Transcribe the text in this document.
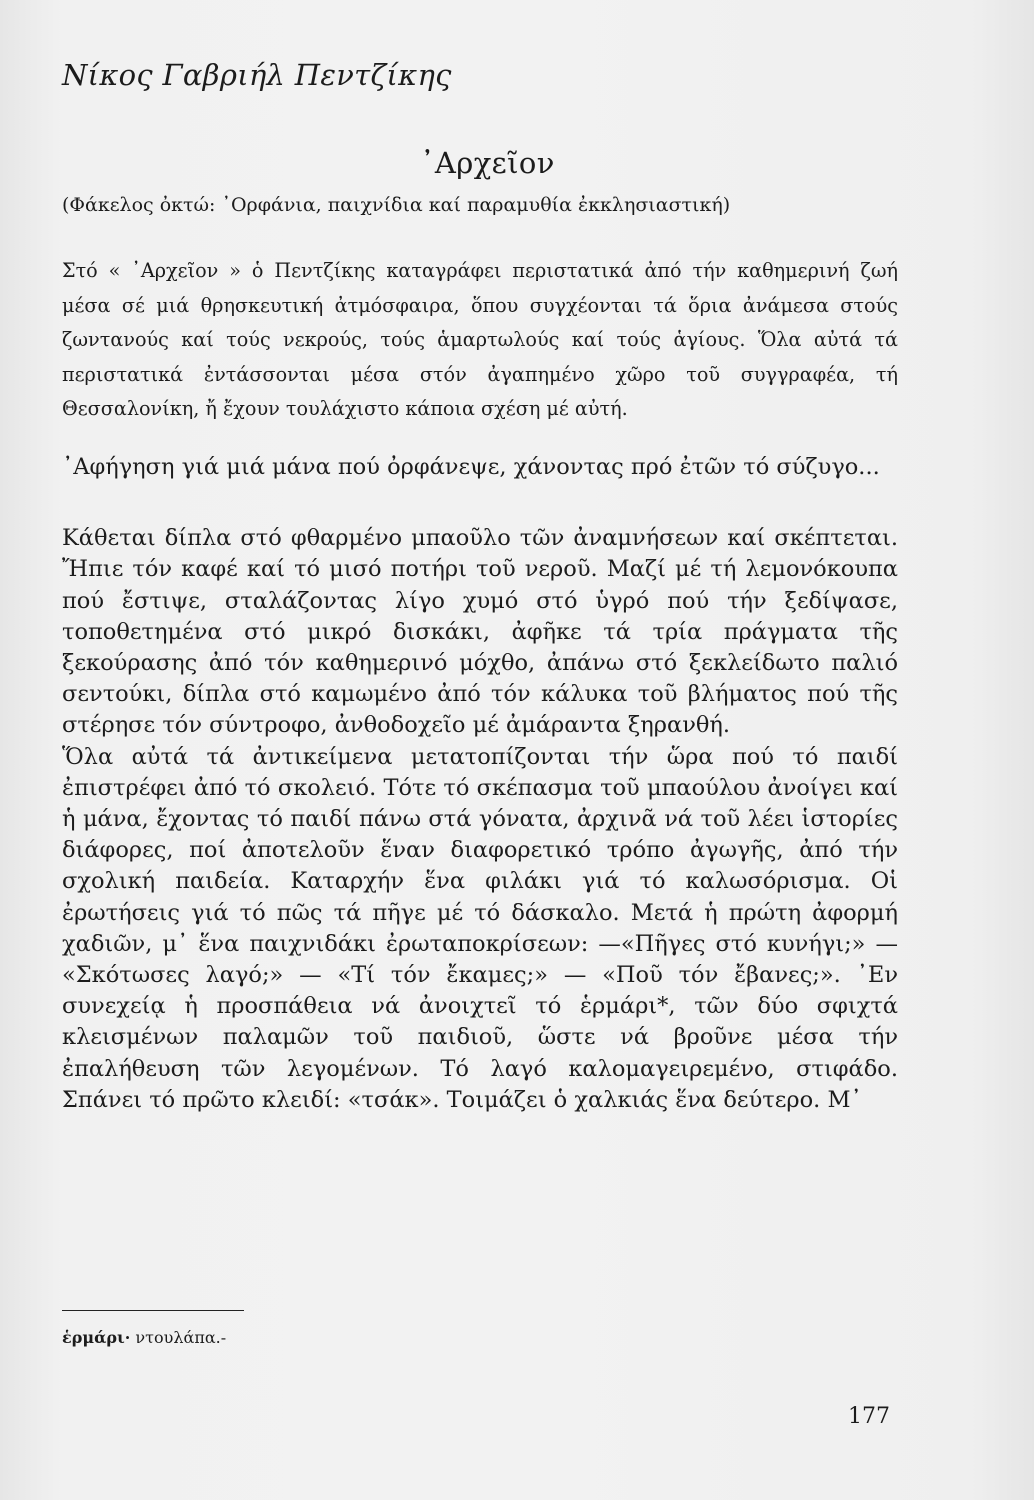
Νίκος Γαβριήλ Πεντζίκης
᾿Αρχεῖον
(Φάκελος ὀκτώ: ᾿Ορφάνια, παιχνίδια καί παραμυθία ἐκκλησιαστική)

Στό « ᾿Αρχεῖον » ὁ Πεντζίκης καταγράφει περιστατικά ἀπό τήν καθημερινή ζωή μέσα σέ μιά θρησκευτική ἀτμόσφαιρα, ὅπου συγχέονται τά ὅρια ἀνάμεσα στούς ζωντανούς καί τούς νεκρούς, τούς ἁμαρτωλούς καί τούς ἁγίους. Ὅλα αὐτά τά περιστατικά ἐντάσσονται μέσα στόν ἀγαπημένο χῶρο τοῦ συγγραφέα, τή Θεσσαλονίκη, ἤ ἔχουν τουλάχιστο κάποια σχέση μέ αὐτή.

᾿Αφήγηση γιά μιά μάνα πού ὀρφάνεψε, χάνοντας πρό ἐτῶν τό σύζυγο...

Κάθεται δίπλα στό φθαρμένο μπαοῦλο τῶν ἀναμνήσεων καί σκέπτεται. Ἤπιε τόν καφέ καί τό μισό ποτήρι τοῦ νεροῦ. Μαζί μέ τή λεμονόκουπα πού ἔστιψε, σταλάζοντας λίγο χυμό στό ὑγρό πού τήν ξεδίψασε, τοποθετημένα στό μικρό δισκάκι, ἀφῆκε τά τρία πράγματα τῆς ξεκούρασης ἀπό τόν καθημερινό μόχθο, ἀπάνω στό ξεκλείδωτο παλιό σεντούκι, δίπλα στό καμωμένο ἀπό τόν κάλυκα τοῦ βλήματος πού τῆς στέρησε τόν σύντροφο, ἀνθοδοχεῖο μέ ἀμάραντα ξηρανθή.

Ὅλα αὐτά τά ἀντικείμενα μετατοπίζονται τήν ὥρα πού τό παιδί ἐπιστρέφει ἀπό τό σκολειό. Τότε τό σκέπασμα τοῦ μπαούλου ἀνοίγει καί ἡ μάνα, ἔχοντας τό παιδί πάνω στά γόνατα, ἀρχινᾶ νά τοῦ λέει ἱστορίες διάφορες, ποί ἀποτελοῦν ἕναν διαφορετικό τρόπο ἀγωγῆς, ἀπό τήν σχολική παιδεία. Καταρχήν ἕνα φιλάκι γιά τό καλωσόρισμα. Οἱ ἐρωτήσεις γιά τό πῶς τά πῆγε μέ τό δάσκαλο. Μετά ἡ πρώτη ἀφορμή χαδιῶν, μ᾿ ἕνα παιχνιδάκι ἐρωταποκρίσεων: —«Πῆγες στό κυνήγι;» — «Σκότωσες λαγό;» — «Τί τόν ἔκαμες;» — «Ποῦ τόν ἔβανες;». ᾿Εν συνεχείᾳ ἡ προσπάθεια νά ἀνοιχτεῖ τό ἑρμάρι*, τῶν δύο σφιχτά κλεισμένων παλαμῶν τοῦ παιδιοῦ, ὥστε νά βροῦνε μέσα τήν ἐπαλήθευση τῶν λεγομένων. Τό λαγό καλομαγειρεμένο, στιφάδο. Σπάνει τό πρῶτο κλειδί: «τσάκ». Τοιμάζει ὁ χαλκιάς ἕνα δεύτερο. Μ᾿

ἑρμάρι· ντουλάπα.-
177
